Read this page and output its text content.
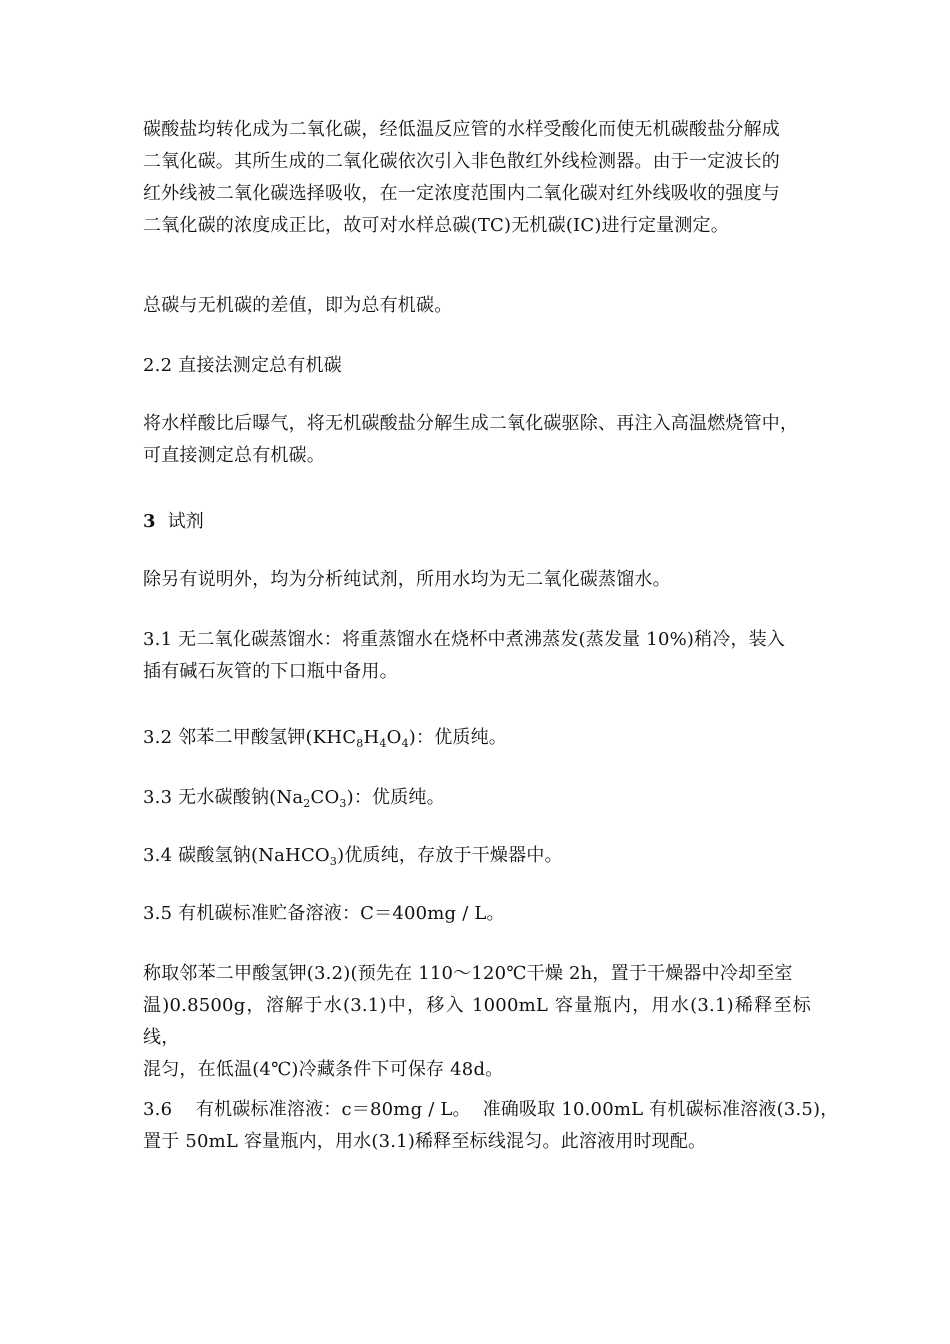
碳酸盐均转化成为二氧化碳，经低温反应管的水样受酸化而使无机碳酸盐分解成
二氧化碳。其所生成的二氧化碳依次引入非色散红外线检测器。由于一定波长的
红外线被二氧化碳选择吸收，在一定浓度范围内二氧化碳对红外线吸收的强度与
二氧化碳的浓度成正比，故可对水样总碳(TC)无机碳(IC)进行定量测定。
总碳与无机碳的差值，即为总有机碳。
2.2 直接法测定总有机碳
将水样酸比后曝气，将无机碳酸盐分解生成二氧化碳驱除、再注入高温燃烧管中，
可直接测定总有机碳。
3  试剂
除另有说明外，均为分析纯试剂，所用水均为无二氧化碳蒸馏水。
3.1 无二氧化碳蒸馏水：将重蒸馏水在烧杯中煮沸蒸发(蒸发量 10%)稍冷，装入
插有碱石灰管的下口瓶中备用。
3.2 邻苯二甲酸氢钾$(KHC_8H_4O_4)$：优质纯。
3.3 无水碳酸钠$(Na_2CO_3)$：优质纯。
3.4 碳酸氢钠(NaHCO$_3$)优质纯，存放于干燥器中。
3.5 有机碳标准贮备溶液：C＝400mg / L。
称取邻苯二甲酸氢钾(3.2)(预先在 110～120℃干燥 2h，置于干燥器中冷却至室
温)0.8500g，溶解于水(3.1)中，移入 1000mL 容量瓶内，用水(3.1)稀释至标线，
混匀，在低温(4℃)冷藏条件下可保存 48d。
3.6    有机碳标准溶液：c＝80mg / L。  准确吸取 10.00mL 有机碳标准溶液(3.5)，
置于 50mL 容量瓶内，用水(3.1)稀释至标线混匀。此溶液用时现配。
